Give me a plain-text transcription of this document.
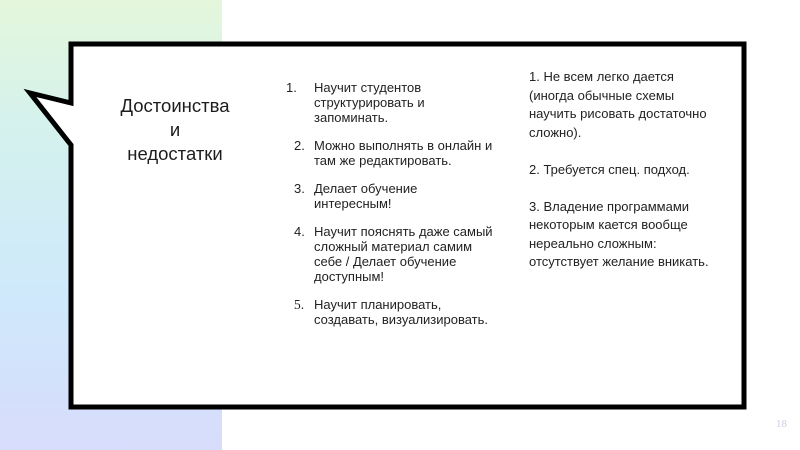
Достоинства
и
недостатки
1.	Научит студентов структурировать и запоминать.
2. Можно выполнять в онлайн и там же редактировать.
3. Делает обучение интересным!
4. Научит пояснять даже самый сложный материал самим себе / Делает обучение доступным!
5. Научит планировать, создавать, визуализировать.
1. Не всем легко дается (иногда обычные схемы научить рисовать достаточно сложно).
2. Требуется спец. подход.
3. Владение программами некоторым кается вообще нереально сложным: отсутствует желание вникать.
18
